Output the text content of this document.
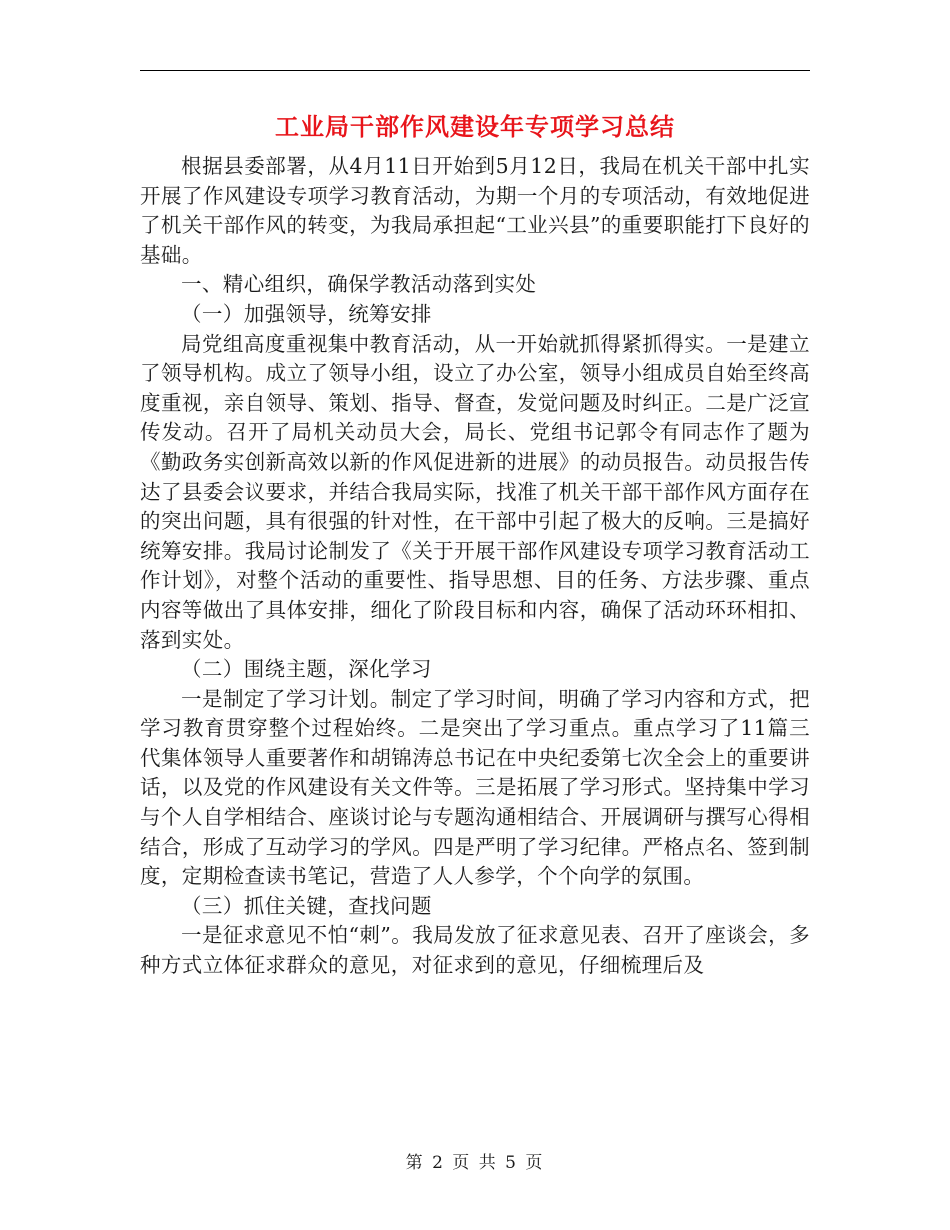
工业局干部作风建设年专项学习总结

根据县委部署，从4月11日开始到5月12日，我局在机关干部中扎实开展了作风建设专项学习教育活动，为期一个月的专项活动，有效地促进了机关干部作风的转变，为我局承担起“工业兴县”的重要职能打下良好的基础。

一、精心组织，确保学教活动落到实处

（一）加强领导，统筹安排

局党组高度重视集中教育活动，从一开始就抓得紧抓得实。一是建立了领导机构。成立了领导小组，设立了办公室，领导小组成员自始至终高度重视，亲自领导、策划、指导、督查，发觉问题及时纠正。二是广泛宣传发动。召开了局机关动员大会，局长、党组书记郭令有同志作了题为《勤政务实创新高效以新的作风促进新的进展》的动员报告。动员报告传达了县委会议要求，并结合我局实际，找准了机关干部干部作风方面存在的突出问题，具有很强的针对性，在干部中引起了极大的反响。三是搞好统筹安排。我局讨论制发了《关于开展干部作风建设专项学习教育活动工作计划》，对整个活动的重要性、指导思想、目的任务、方法步骤、重点内容等做出了具体安排，细化了阶段目标和内容，确保了活动环环相扣、落到实处。

（二）围绕主题，深化学习

一是制定了学习计划。制定了学习时间，明确了学习内容和方式，把学习教育贯穿整个过程始终。二是突出了学习重点。重点学习了11篇三代集体领导人重要著作和胡锦涛总书记在中央纪委第七次全会上的重要讲话，以及党的作风建设有关文件等。三是拓展了学习形式。坚持集中学习与个人自学相结合、座谈讨论与专题沟通相结合、开展调研与撰写心得相结合，形成了互动学习的学风。四是严明了学习纪律。严格点名、签到制度，定期检查读书笔记，营造了人人参学，个个向学的氛围。

（三）抓住关键，查找问题

一是征求意见不怕“刺”。我局发放了征求意见表、召开了座谈会，多种方式立体征求群众的意见，对征求到的意见，仔细梳理后及

第 2 页 共 5 页
